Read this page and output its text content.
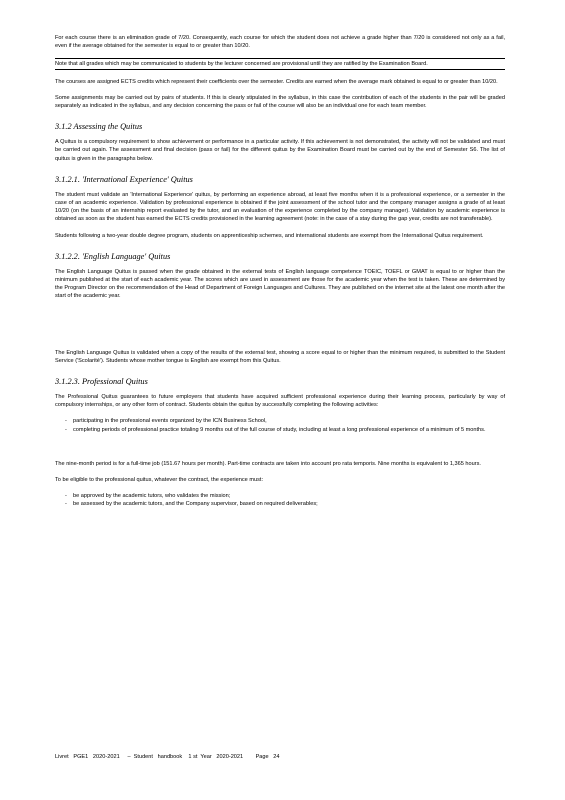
For each course there is an elimination grade of 7/20. Consequently, each course for which the student does not achieve a grade higher than 7/20 is considered not only as a fail, even if the average obtained for the semester is equal to or greater than 10/20.

Note that all grades which may be communicated to students by the lecturer concerned are provisional until they are ratified by the Examination Board.

The courses are assigned ECTS credits which represent their coefficients over the semester. Credits are earned when the average mark obtained is equal to or greater than 10/20.

Some assignments may be carried out by pairs of students. If this is clearly stipulated in the syllabus, in this case the contribution of each of the students in the pair will be graded separately as indicated in the syllabus, and any decision concerning the pass or fail of the course will also be an individual one for each team member.

3.1.2 Assessing the Quitus

A Quitus is a compulsory requirement to show achievement or performance in a particular activity. If this achievement is not demonstrated, the activity will not be validated and must be carried out again. The assessment and final decision (pass or fail) for the different quitus by the Examination Board must be carried out by the end of Semester S6. The list of quitus is given in the paragraphs below.

3.1.2.1. 'International Experience' Quitus

The student must validate an 'International Experience' quitus, by performing an experience abroad, at least five months when it is a professional experience, or a semester in the case of an academic experience. Validation by professional experience is obtained if the joint assessment of the school tutor and the company manager assigns a grade of at least 10/20 (on the basis of an internship report evaluated by the tutor, and an evaluation of the experience completed by the company manager). Validation by academic experience is obtained as soon as the student has earned the ECTS credits provisioned in the learning agreement (note: in the case of a stay during the gap year, credits are not transferable).

Students following a two-year double degree program, students on apprenticeship schemes, and international students are exempt from the International Quitus requirement.

3.1.2.2. 'English Language' Quitus

The English Language Quitus is passed when the grade obtained in the external tests of English language competence TOEIC, TOEFL or GMAT is equal to or higher than the minimum published at the start of each academic year. The scores which are used in assessment are those for the academic year when the test is taken. These are determined by the Program Director on the recommendation of the Head of Department of Foreign Languages and Cultures. They are published on the internet site at the latest one month after the start of the academic year.

The English Language Quitus is validated when a copy of the results of the external test, showing a score equal to or higher than the minimum required, is submitted to the Student Service ('Scolarité'). Students whose mother tongue is English are exempt from this Quitus.

3.1.2.3. Professional Quitus

The Professional Quitus guarantees to future employers that students have acquired sufficient professional experience during their learning process, particularly by way of compulsory internships, or any other form of contract. Students obtain the quitus by successfully completing the following activities:

- participating in the professional events organized by the ICN Business School,
- completing periods of professional practice totaling 9 months out of the full course of study, including at least a long professional experience of a minimum of 5 months.

The nine-month period is for a full-time job (151.67 hours per month). Part-time contracts are taken into account pro rata temporis. Nine months is equivalent to 1,365 hours.

To be eligible to the professional quitus, whatever the contract, the experience must:

- be approved by the academic tutors, who validates the mission;
- be assessed by the academic tutors, and the Company supervisor, based on required deliverables;
Livret   PGE1   2020-2021     –  Student   handbook    1 st  Year   2020-2021        Page   24
